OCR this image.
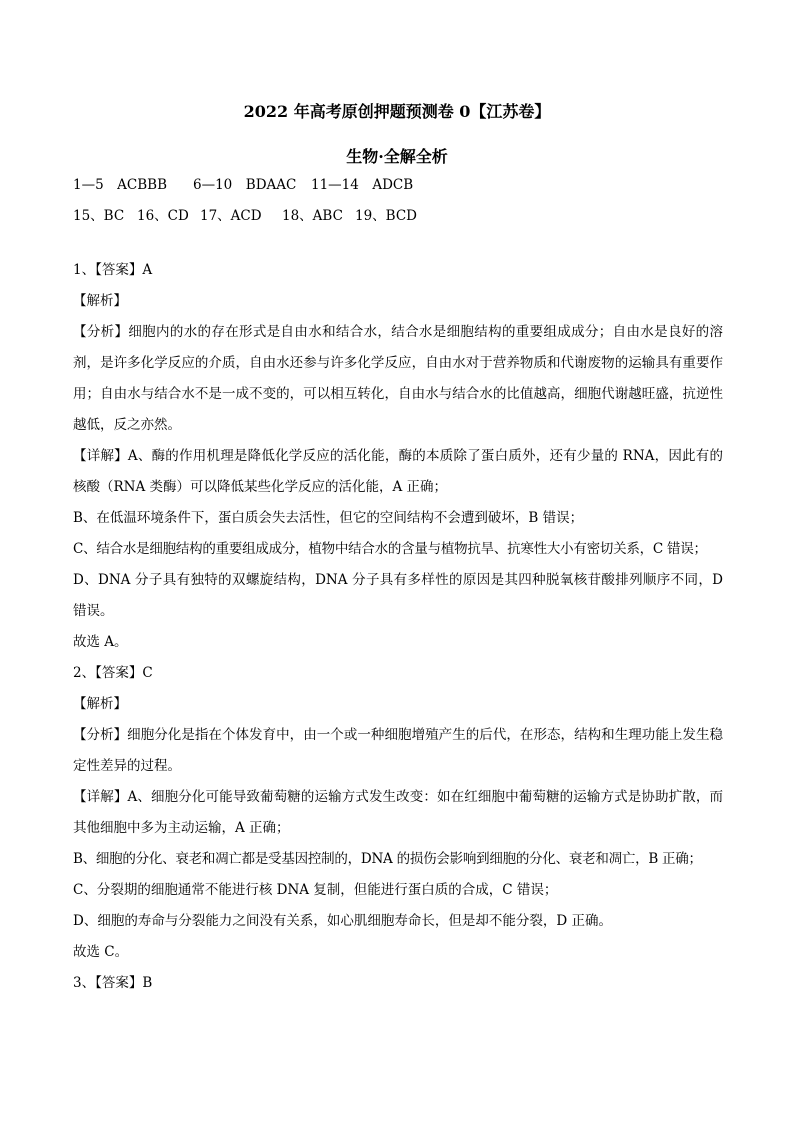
2022 年高考原创押题预测卷 0【江苏卷】
生物·全解全析
1—5　ACBBB 6—10　BDAAC 11—14　ADCB
15、BC 16、CD 17、ACD 18、ABC 19、BCD

1、【答案】A

【解析】

【分析】细胞内的水的存在形式是自由水和结合水，结合水是细胞结构的重要组成成分；自由水是良好的溶剂，是许多化学反应的介质，自由水还参与许多化学反应，自由水对于营养物质和代谢废物的运输具有重要作用；自由水与结合水不是一成不变的，可以相互转化，自由水与结合水的比值越高，细胞代谢越旺盛，抗逆性越低，反之亦然。

【详解】A、酶的作用机理是降低化学反应的活化能，酶的本质除了蛋白质外，还有少量的 RNA，因此有的核酸（RNA 类酶）可以降低某些化学反应的活化能，A 正确；

B、在低温环境条件下，蛋白质会失去活性，但它的空间结构不会遭到破坏，B 错误；

C、结合水是细胞结构的重要组成成分，植物中结合水的含量与植物抗旱、抗寒性大小有密切关系，C 错误；

D、DNA 分子具有独特的双螺旋结构，DNA 分子具有多样性的原因是其四种脱氧核苷酸排列顺序不同，D 错误。

故选 A。

2、【答案】C

【解析】

【分析】细胞分化是指在个体发育中，由一个或一种细胞增殖产生的后代，在形态，结构和生理功能上发生稳定性差异的过程。

【详解】A、细胞分化可能导致葡萄糖的运输方式发生改变：如在红细胞中葡萄糖的运输方式是协助扩散，而其他细胞中多为主动运输，A 正确；

B、细胞的分化、衰老和凋亡都是受基因控制的，DNA 的损伤会影响到细胞的分化、衰老和凋亡，B 正确；

C、分裂期的细胞通常不能进行核 DNA 复制，但能进行蛋白质的合成，C 错误；

D、细胞的寿命与分裂能力之间没有关系，如心肌细胞寿命长，但是却不能分裂，D 正确。

故选 C。

3、【答案】B
